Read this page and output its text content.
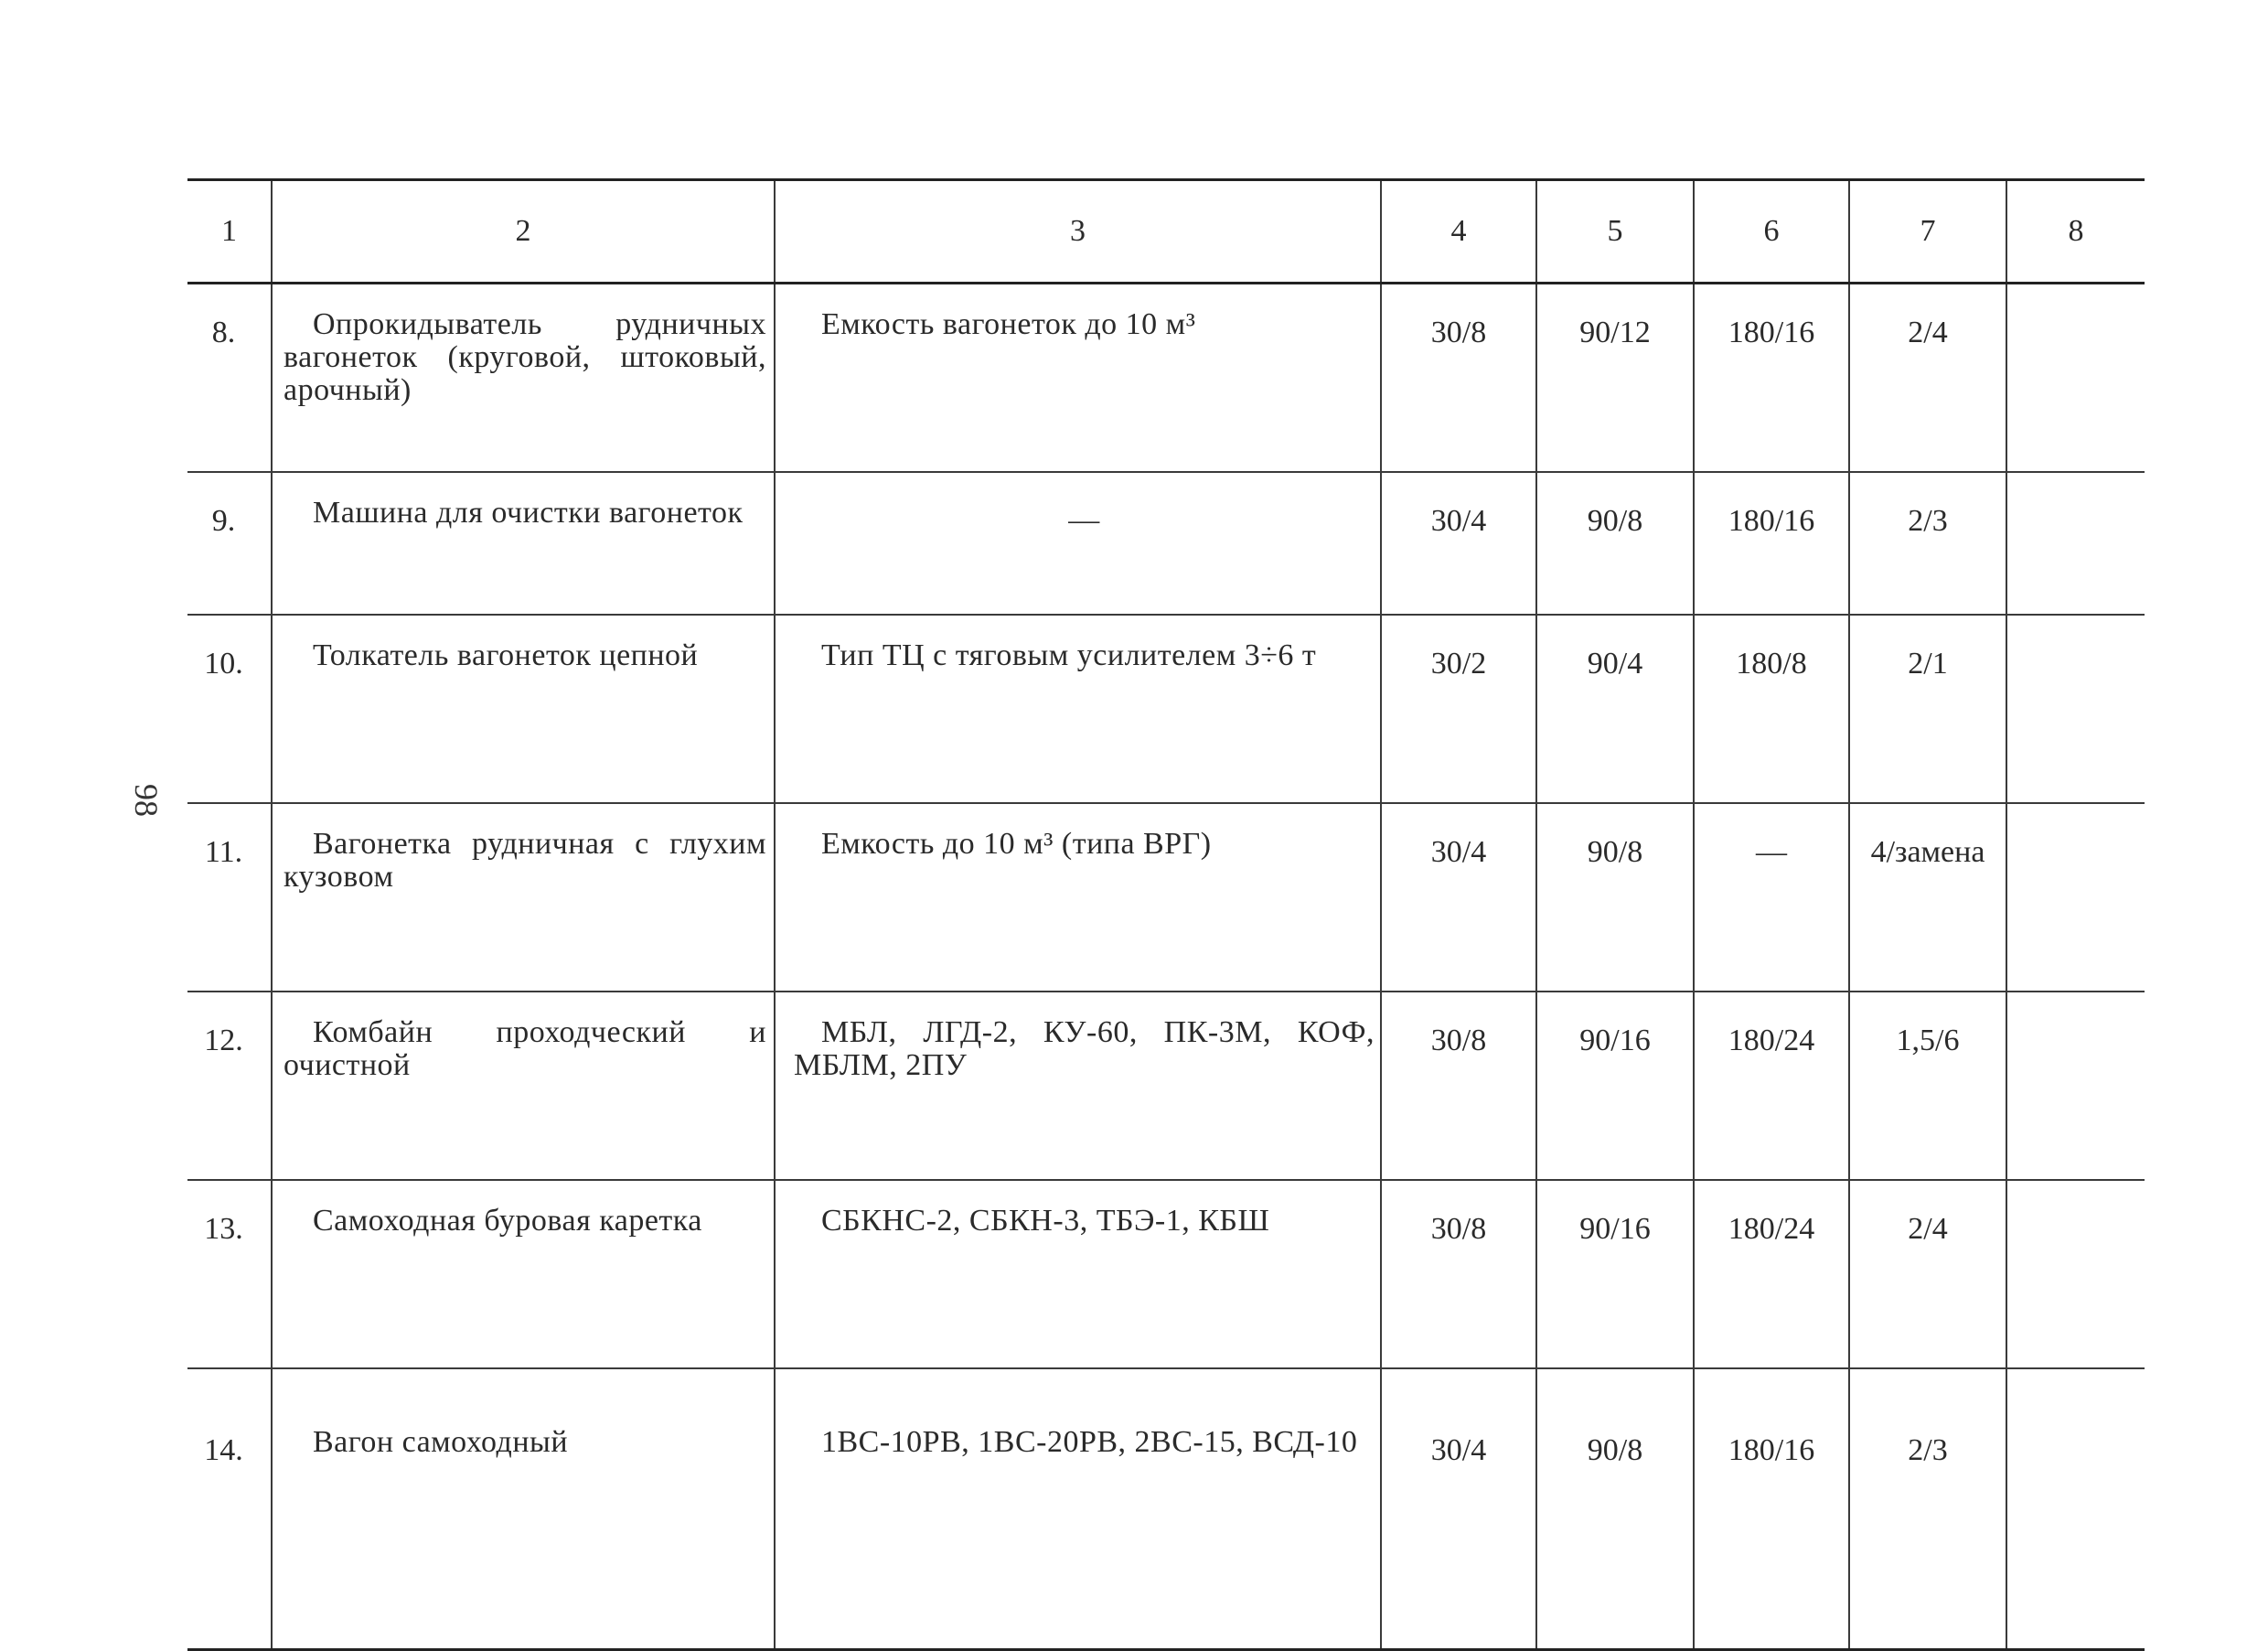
98
1	2	3	4	5	6	7	8
8.	Опрокидыватель рудничных вагонеток (круговой, штоковый, арочный)	Емкость вагонеток до 10 м³	30/8	90/12	180/16	2/4	
9.	Машина для очистки вагонеток	—	30/4	90/8	180/16	2/3	
10.	Толкатель вагонеток цепной	Тип ТЦ с тяговым усилителем 3÷6 т	30/2	90/4	180/8	2/1	
11.	Вагонетка рудничная с глухим кузовом	Емкость до 10 м³ (типа ВРГ)	30/4	90/8	—	4/замена	
12.	Комбайн проходческий и очистной	МБЛ, ЛГД-2, КУ-60, ПК-3М, КОФ, МБЛМ, 2ПУ	30/8	90/16	180/24	1,5/6	
13.	Самоходная буровая каретка	СБКНС-2, СБКН-3, ТБЭ-1, КБШ	30/8	90/16	180/24	2/4	
14.	Вагон самоходный	1ВС-10РВ, 1ВС-20РВ, 2ВС-15, ВСД-10	30/4	90/8	180/16	2/3	
